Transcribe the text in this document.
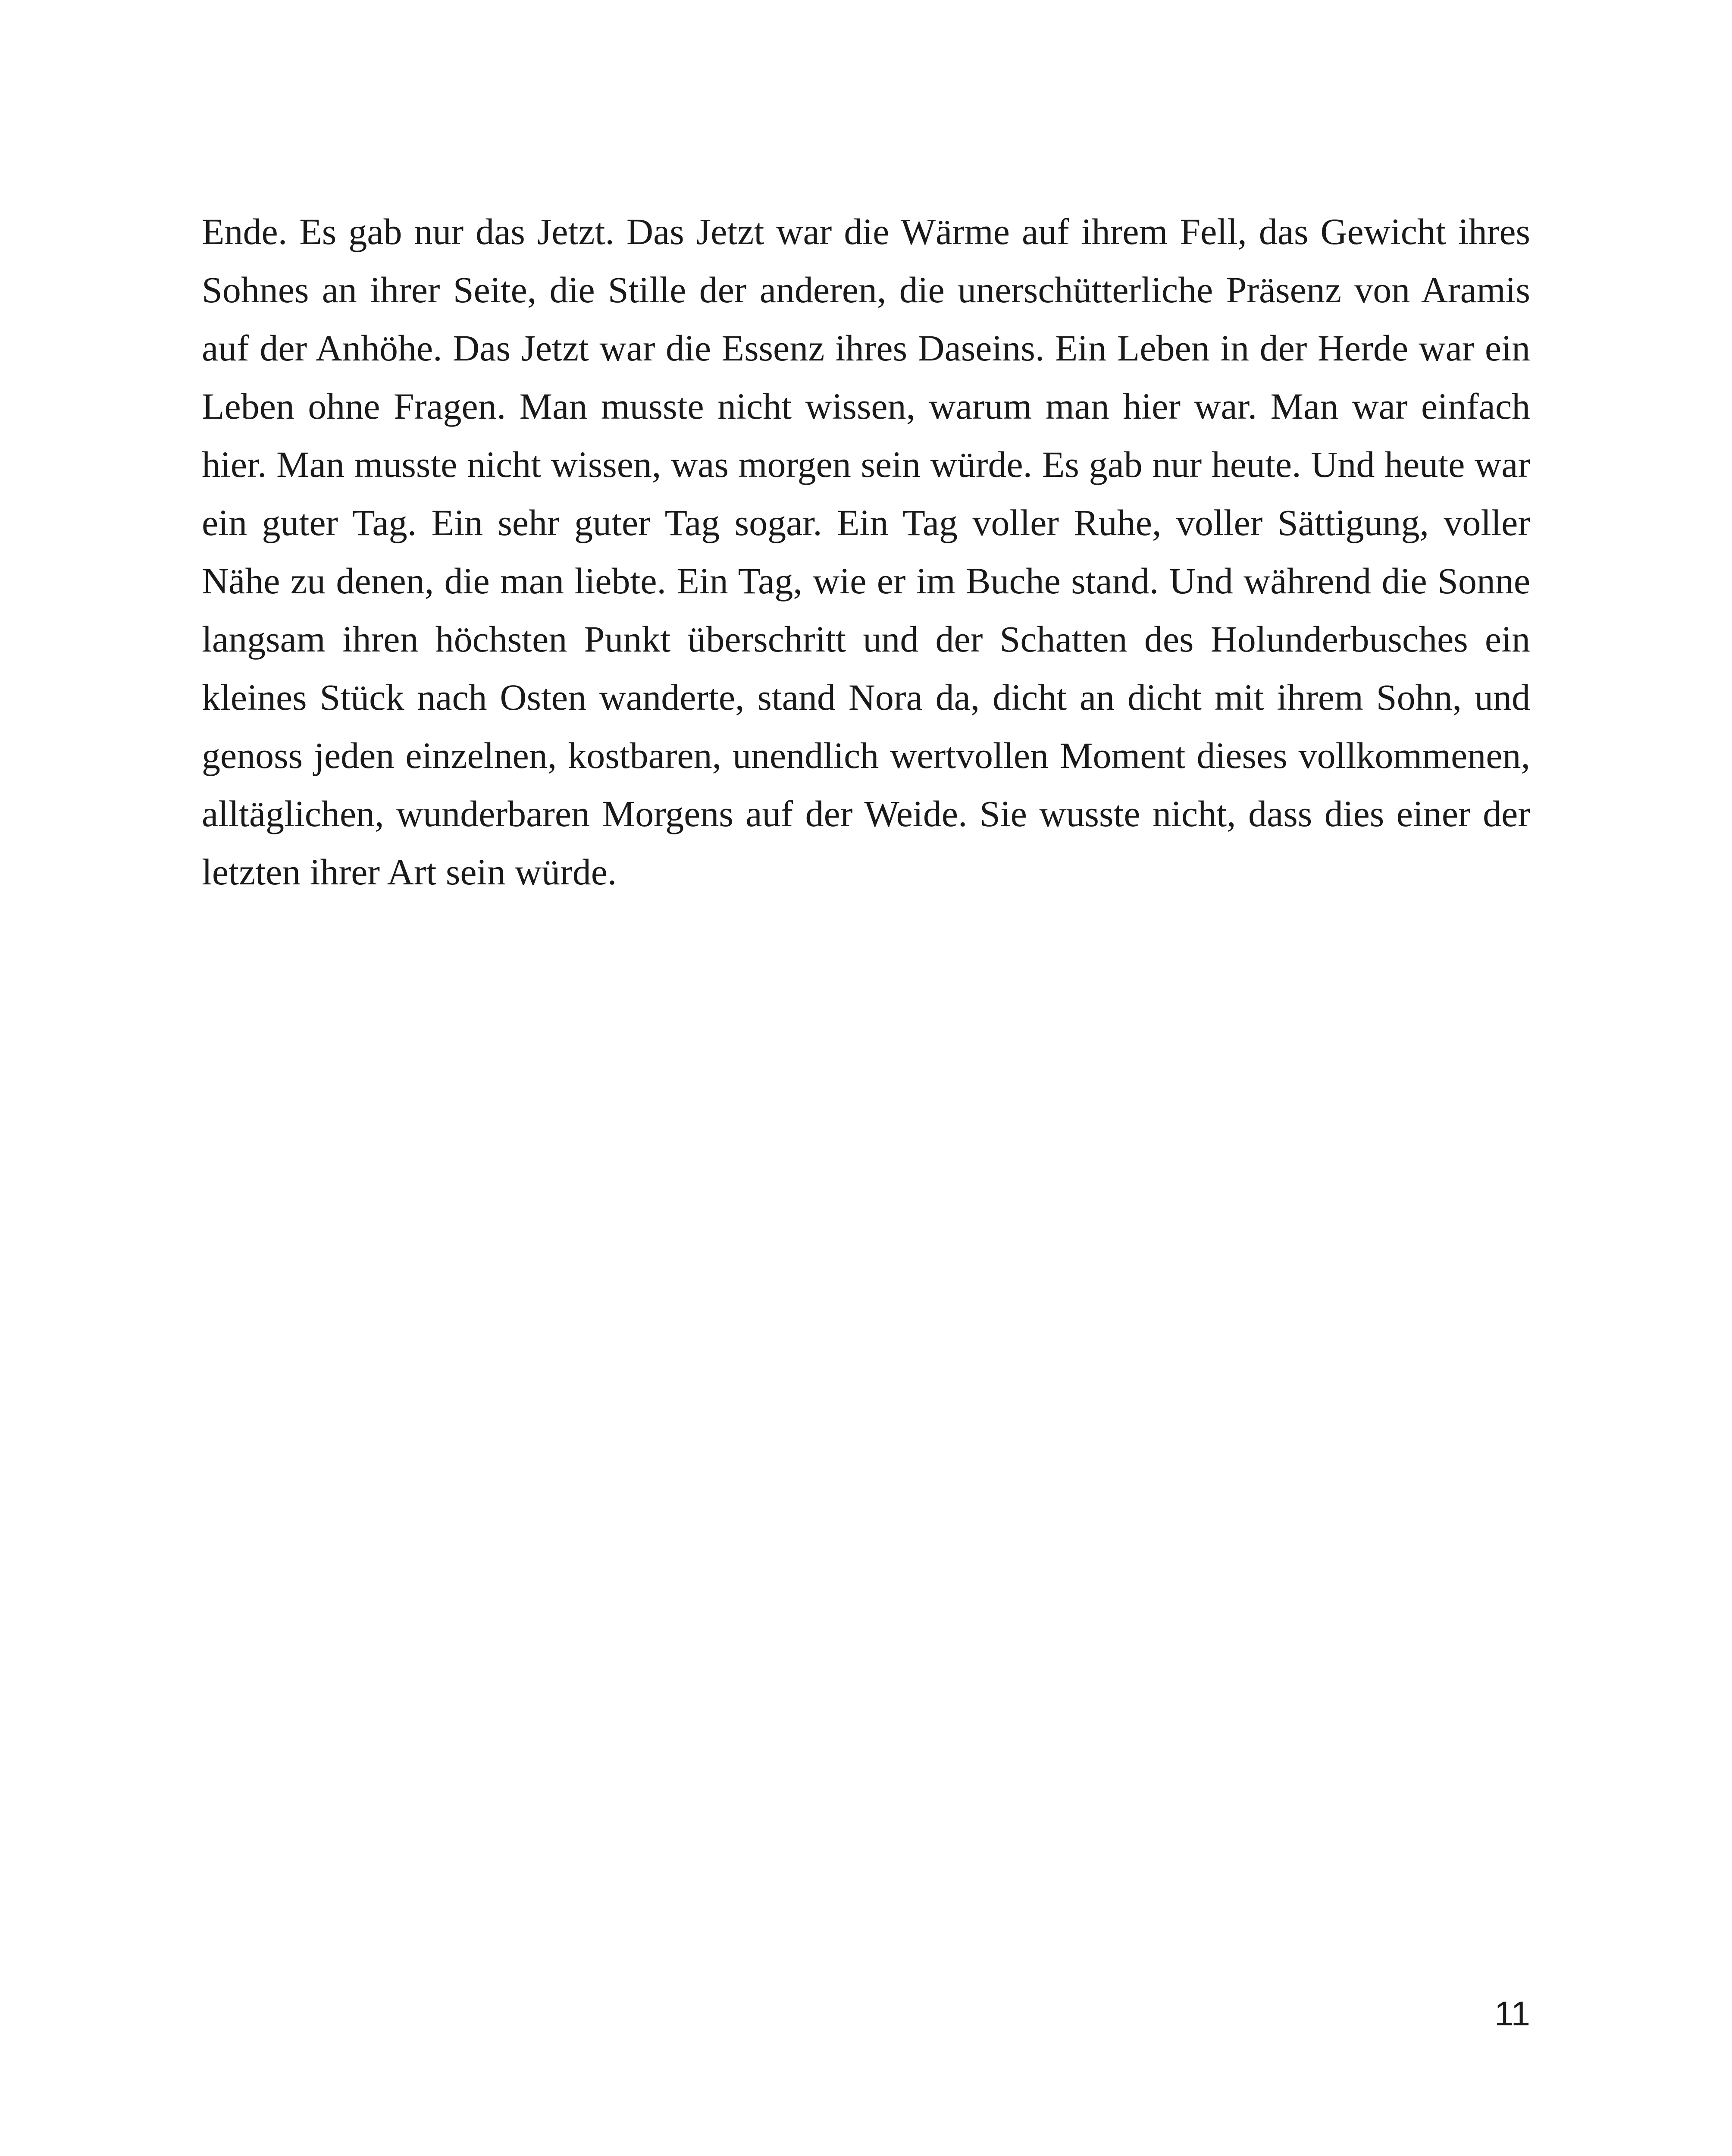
Ende. Es gab nur das Jetzt. Das Jetzt war die Wärme auf ihrem Fell, das Gewicht ihres Sohnes an ihrer Seite, die Stille der anderen, die unerschütterliche Präsenz von Aramis auf der Anhöhe. Das Jetzt war die Essenz ihres Daseins. Ein Leben in der Herde war ein Leben ohne Fragen. Man musste nicht wissen, warum man hier war. Man war einfach hier. Man musste nicht wissen, was morgen sein würde. Es gab nur heute. Und heute war ein guter Tag. Ein sehr guter Tag sogar. Ein Tag voller Ruhe, voller Sättigung, voller Nähe zu denen, die man liebte. Ein Tag, wie er im Buche stand. Und während die Sonne langsam ihren höchsten Punkt überschritt und der Schatten des Holunderbusches ein kleines Stück nach Osten wanderte, stand Nora da, dicht an dicht mit ihrem Sohn, und genoss jeden einzelnen, kostbaren, unendlich wertvollen Moment dieses vollkommenen, alltäglichen, wunderbaren Morgens auf der Weide. Sie wusste nicht, dass dies einer der letzten ihrer Art sein würde.

11
